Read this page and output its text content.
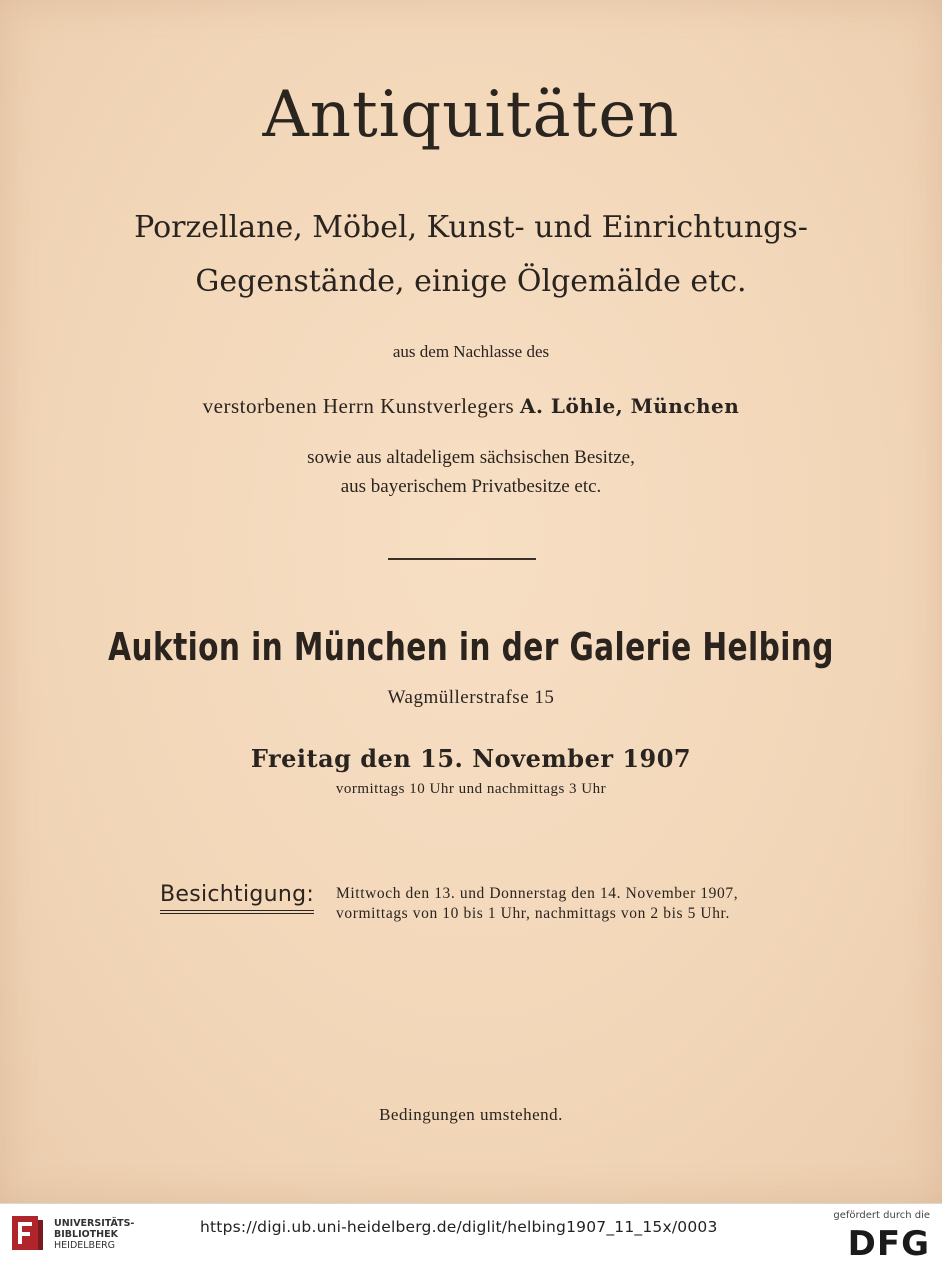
Antiquitäten
Porzellane, Möbel, Kunst- und Einrichtungs-
Gegenstände, einige Ölgemälde etc.
aus dem Nachlasse des
verstorbenen Herrn Kunstverlegers A. Löhle, München
sowie aus altadeligem sächsischen Besitze,
aus bayerischem Privatbesitze etc.
Auktion in München in der Galerie Helbing
Wagmüllerstrafse 15
Freitag den 15. November 1907
vormittags 10 Uhr und nachmittags 3 Uhr
Besichtigung: Mittwoch den 13. und Donnerstag den 14. November 1907,
vormittags von 10 bis 1 Uhr, nachmittags von 2 bis 5 Uhr.
Bedingungen umstehend.
UNIVERSITÄTS-
BIBLIOTHEK
HEIDELBERG
https://digi.ub.uni-heidelberg.de/diglit/helbing1907_11_15x/0003
gefördert durch die
DFG
